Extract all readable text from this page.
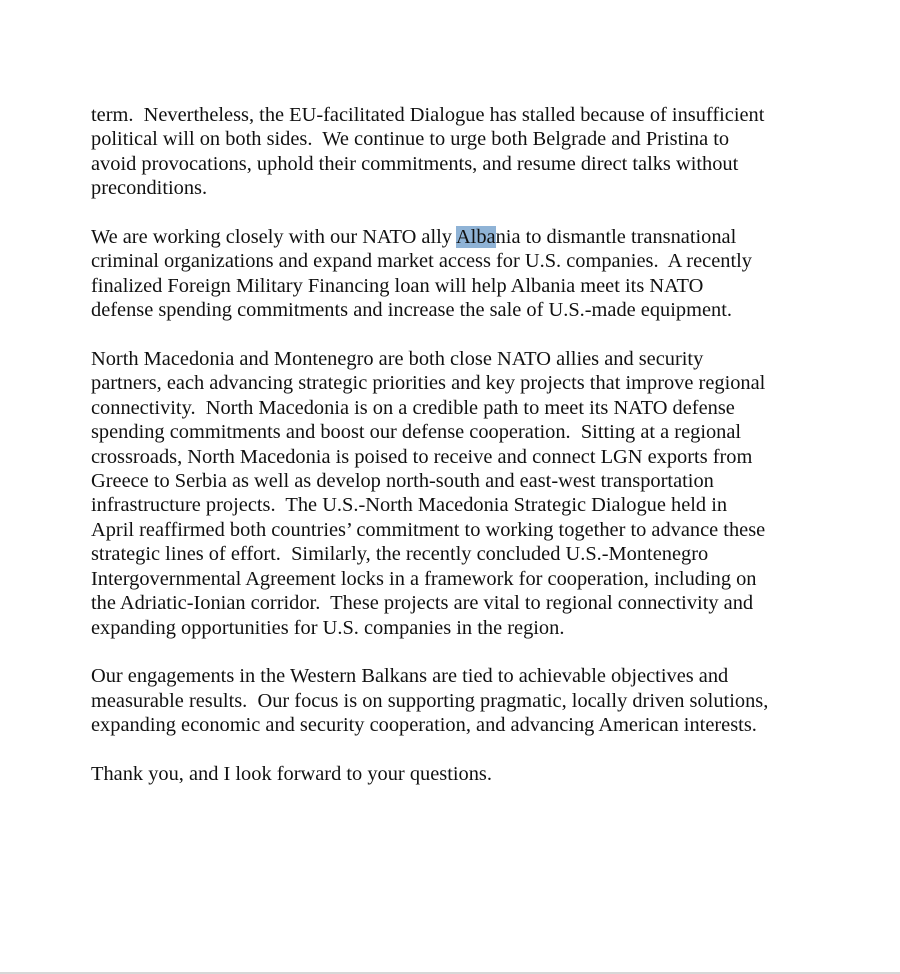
term.  Nevertheless, the EU-facilitated Dialogue has stalled because of insufficient
political will on both sides.  We continue to urge both Belgrade and Pristina to
avoid provocations, uphold their commitments, and resume direct talks without
preconditions.

We are working closely with our NATO ally Albania to dismantle transnational
criminal organizations and expand market access for U.S. companies.  A recently
finalized Foreign Military Financing loan will help Albania meet its NATO
defense spending commitments and increase the sale of U.S.-made equipment.

North Macedonia and Montenegro are both close NATO allies and security
partners, each advancing strategic priorities and key projects that improve regional
connectivity.  North Macedonia is on a credible path to meet its NATO defense
spending commitments and boost our defense cooperation.  Sitting at a regional
crossroads, North Macedonia is poised to receive and connect LGN exports from
Greece to Serbia as well as develop north-south and east-west transportation
infrastructure projects.  The U.S.-North Macedonia Strategic Dialogue held in
April reaffirmed both countries’ commitment to working together to advance these
strategic lines of effort.  Similarly, the recently concluded U.S.-Montenegro
Intergovernmental Agreement locks in a framework for cooperation, including on
the Adriatic-Ionian corridor.  These projects are vital to regional connectivity and
expanding opportunities for U.S. companies in the region.

Our engagements in the Western Balkans are tied to achievable objectives and
measurable results.  Our focus is on supporting pragmatic, locally driven solutions,
expanding economic and security cooperation, and advancing American interests.

Thank you, and I look forward to your questions.
